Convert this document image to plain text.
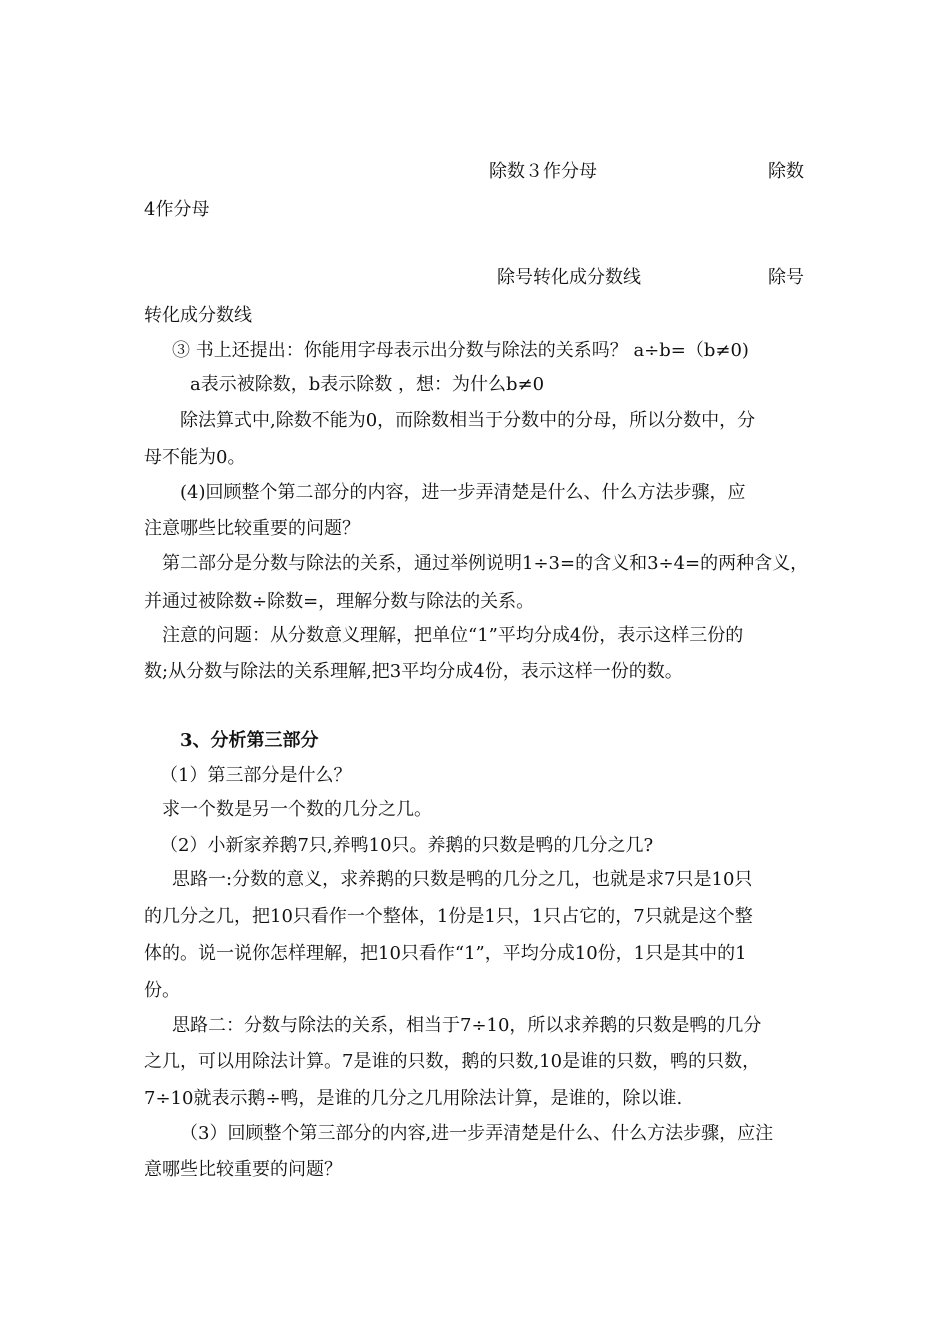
除数３作分母	除数
4作分母
除号转化成分数线	除号
转化成分数线
③ 书上还提出：你能用字母表示出分数与除法的关系吗？ a÷b=（b≠0)
a表示被除数，b表示除数 ，想：为什么b≠0
除法算式中,除数不能为0，而除数相当于分数中的分母，所以分数中，分
母不能为0。
(4)回顾整个第二部分的内容，进一步弄清楚是什么、什么方法步骤，应
注意哪些比较重要的问题？
第二部分是分数与除法的关系，通过举例说明1÷3=的含义和3÷4=的两种含义，
并通过被除数÷除数=，理解分数与除法的关系。
注意的问题：从分数意义理解，把单位“1”平均分成4份，表示这样三份的
数;从分数与除法的关系理解,把3平均分成4份，表示这样一份的数。
3、分析第三部分
（1）第三部分是什么？
求一个数是另一个数的几分之几。
（2）小新家养鹅7只,养鸭10只。养鹅的只数是鸭的几分之几?
思路一:分数的意义，求养鹅的只数是鸭的几分之几，也就是求7只是10只
的几分之几，把10只看作一个整体，1份是1只，1只占它的，7只就是这个整
体的。说一说你怎样理解，把10只看作“1”，平均分成10份，1只是其中的1
份。
思路二：分数与除法的关系，相当于7÷10，所以求养鹅的只数是鸭的几分
之几，可以用除法计算。7是谁的只数，鹅的只数,10是谁的只数，鸭的只数，
7÷10就表示鹅÷鸭，是谁的几分之几用除法计算，是谁的，除以谁.
（3）回顾整个第三部分的内容,进一步弄清楚是什么、什么方法步骤，应注
意哪些比较重要的问题？
